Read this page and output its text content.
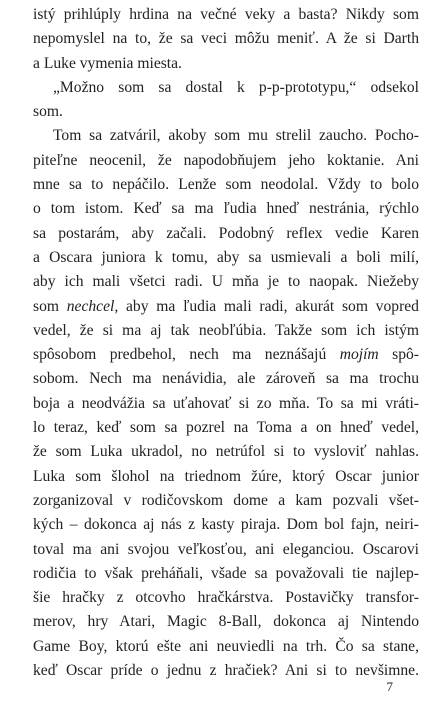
istý prihlúply hrdina na večné veky a basta? Nikdy som
nepomyslel na to, že sa veci môžu meniť. A že si Darth
a Luke vymenia miesta.
„Možno som sa dostal k p-p-prototypu,“ odsekol
som.
Tom sa zatváril, akoby som mu strelil zaucho. Pocho-
piteľne neocenil, že napodobňujem jeho koktanie. Ani
mne sa to nepáčilo. Lenže som neodolal. Vždy to bolo
o tom istom. Keď sa ma ľudia hneď nestránia, rýchlo
sa postarám, aby začali. Podobný reflex vedie Karen
a Oscara juniora k tomu, aby sa usmievali a boli milí,
aby ich mali všetci radi. U mňa je to naopak. Niežeby
som nechcel, aby ma ľudia mali radi, akurát som vopred
vedel, že si ma aj tak neobľúbia. Takže som ich istým
spôsobom predbehol, nech ma neznášajú mojím spô-
sobom. Nech ma nenávidia, ale zároveň sa ma trochu
boja a neodvážia sa uťahovať si zo mňa. To sa mi vráti-
lo teraz, keď som sa pozrel na Toma a on hneď vedel,
že som Luka ukradol, no netrúfol si to vysloviť nahlas.
Luka som šlohol na triednom žúre, ktorý Oscar junior
zorganizoval v rodičovskom dome a kam pozvali všet-
kých – dokonca aj nás z kasty piraja. Dom bol fajn, neiri-
toval ma ani svojou veľkosťou, ani eleganciou. Oscarovi
rodičia to však preháňali, všade sa považovali tie najlep-
šie hračky z otcovho hračkárstva. Postavičky transfor-
merov, hry Atari, Magic 8-Ball, dokonca aj Nintendo
Game Boy, ktorú ešte ani neuviedli na trh. Čo sa stane,
keď Oscar príde o jednu z hračiek? Ani si to nevšimne.
7
